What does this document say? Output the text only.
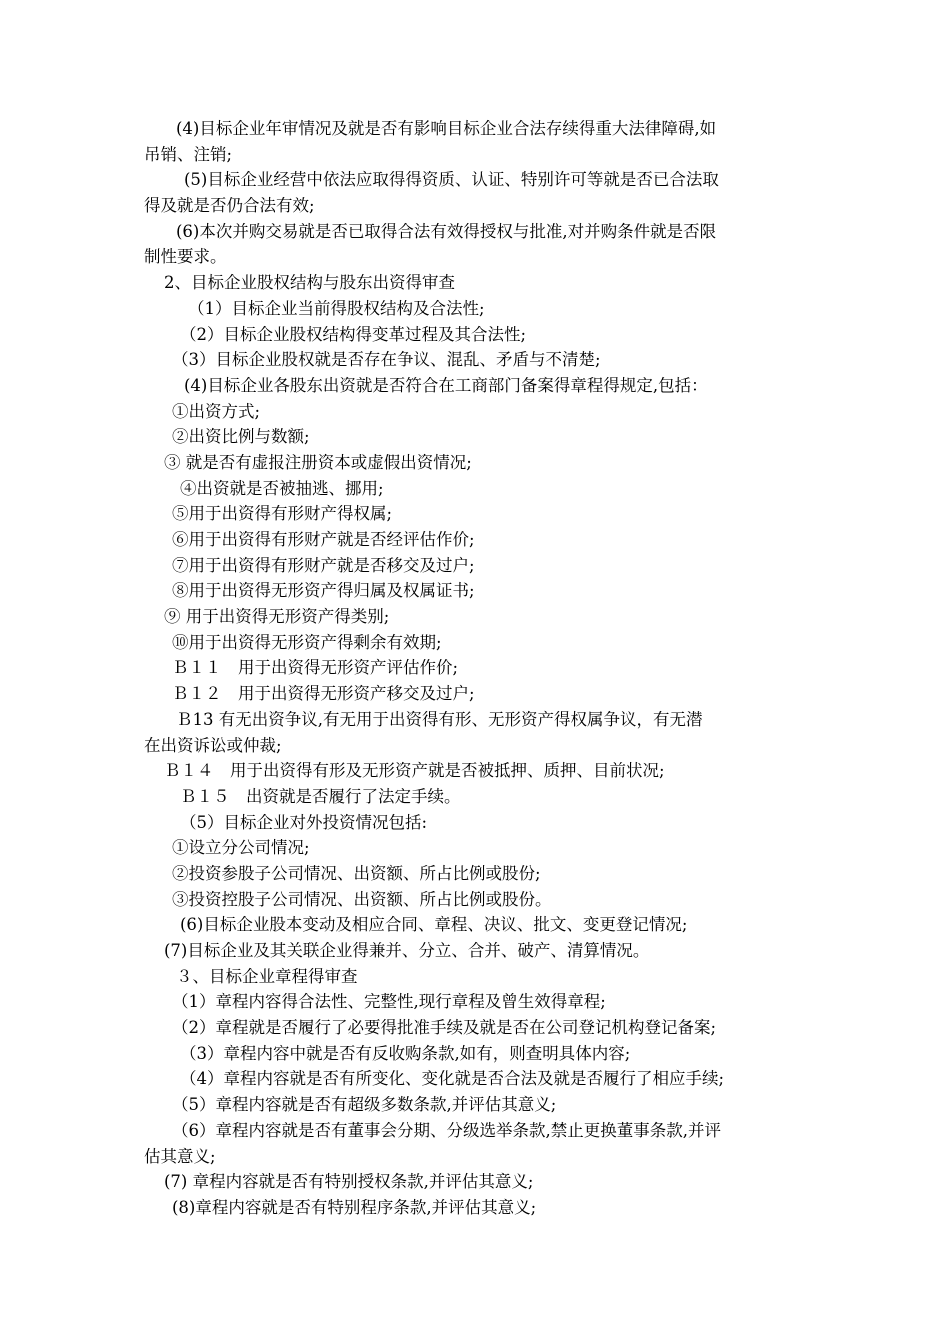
(4)目标企业年审情况及就是否有影响目标企业合法存续得重大法律障碍,如

吊销、注销;

(5)目标企业经营中依法应取得得资质、认证、特别许可等就是否已合法取

得及就是否仍合法有效;

(6)本次并购交易就是否已取得合法有效得授权与批准,对并购条件就是否限

制性要求。

2、目标企业股权结构与股东出资得审查

（1）目标企业当前得股权结构及合法性;

（2）目标企业股权结构得变革过程及其合法性;

（3）目标企业股权就是否存在争议、混乱、矛盾与不清楚;

(4)目标企业各股东出资就是否符合在工商部门备案得章程得规定,包括：

①出资方式;

②出资比例与数额;

③ 就是否有虚报注册资本或虚假出资情况;

④出资就是否被抽逃、挪用;

⑤用于出资得有形财产得权属;

⑥用于出资得有形财产就是否经评估作价;

⑦用于出资得有形财产就是否移交及过户;

⑧用于出资得无形资产得归属及权属证书;

⑨ 用于出资得无形资产得类别;

⑩用于出资得无形资产得剩余有效期;

Ｂ１１　用于出资得无形资产评估作价;

Ｂ１２　用于出资得无形资产移交及过户;

Ｂ13 有无出资争议,有无用于出资得有形、无形资产得权属争议，有无潜

在出资诉讼或仲裁;

Ｂ１４　用于出资得有形及无形资产就是否被抵押、质押、目前状况;

Ｂ１５　出资就是否履行了法定手续。

（5）目标企业对外投资情况包括:

①设立分公司情况;

②投资参股子公司情况、出资额、所占比例或股份;

③投资控股子公司情况、出资额、所占比例或股份。

(6)目标企业股本变动及相应合同、章程、决议、批文、变更登记情况;

(7)目标企业及其关联企业得兼并、分立、合并、破产、清算情况。

３、目标企业章程得审查

（1）章程内容得合法性、完整性,现行章程及曾生效得章程;

（2）章程就是否履行了必要得批准手续及就是否在公司登记机构登记备案;

（3）章程内容中就是否有反收购条款,如有，则查明具体内容;

（4）章程内容就是否有所变化、变化就是否合法及就是否履行了相应手续;

（5）章程内容就是否有超级多数条款,并评估其意义;

（6）章程内容就是否有董事会分期、分级选举条款,禁止更换董事条款,并评

估其意义;

(7) 章程内容就是否有特别授权条款,并评估其意义;

(8)章程内容就是否有特别程序条款,并评估其意义;
